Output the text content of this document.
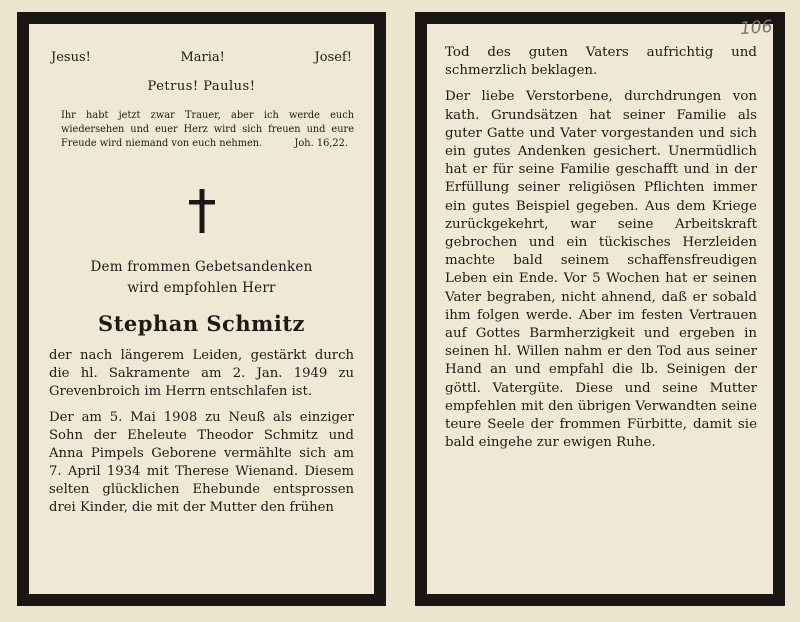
Jesus!	Maria!	Josef!
Petrus! Paulus!
Ihr habt jetzt zwar Trauer, aber ich werde euch wiedersehen und euer Herz wird sich freuen und eure Freude wird niemand von euch nehmen.	Joh. 16,22.
Dem frommen Gebetsandenken
wird empfohlen Herr
Stephan Schmitz

der nach längerem Leiden, gestärkt durch die hl. Sakramente am 2. Jan. 1949 zu Grevenbroich im Herrn entschlafen ist.

Der am 5. Mai 1908 zu Neuß als einziger Sohn der Eheleute Theodor Schmitz und Anna Pimpels Geborene vermählte sich am 7. April 1934 mit Therese Wienand. Diesem selten glücklichen Ehebunde entsprossen drei Kinder, die mit der Mutter den frühen

Tod des guten Vaters aufrichtig und schmerzlich beklagen.

Der liebe Verstorbene, durchdrungen von kath. Grundsätzen hat seiner Familie als guter Gatte und Vater vorgestanden und sich ein gutes Andenken gesichert. Unermüdlich hat er für seine Familie geschafft und in der Erfüllung seiner religiösen Pflichten immer ein gutes Beispiel gegeben. Aus dem Kriege zurückgekehrt, war seine Arbeitskraft gebrochen und ein tückisches Herzleiden machte bald seinem schaffensfreudigen Leben ein Ende. Vor 5 Wochen hat er seinen Vater begraben, nicht ahnend, daß er sobald ihm folgen werde. Aber im festen Vertrauen auf Gottes Barmherzigkeit und ergeben in seinen hl. Willen nahm er den Tod aus seiner Hand an und empfahl die lb. Seinigen der göttl. Vatergüte. Diese und seine Mutter empfehlen mit den übrigen Verwandten seine teure Seele der frommen Fürbitte, damit sie bald eingehe zur ewigen Ruhe.

106
